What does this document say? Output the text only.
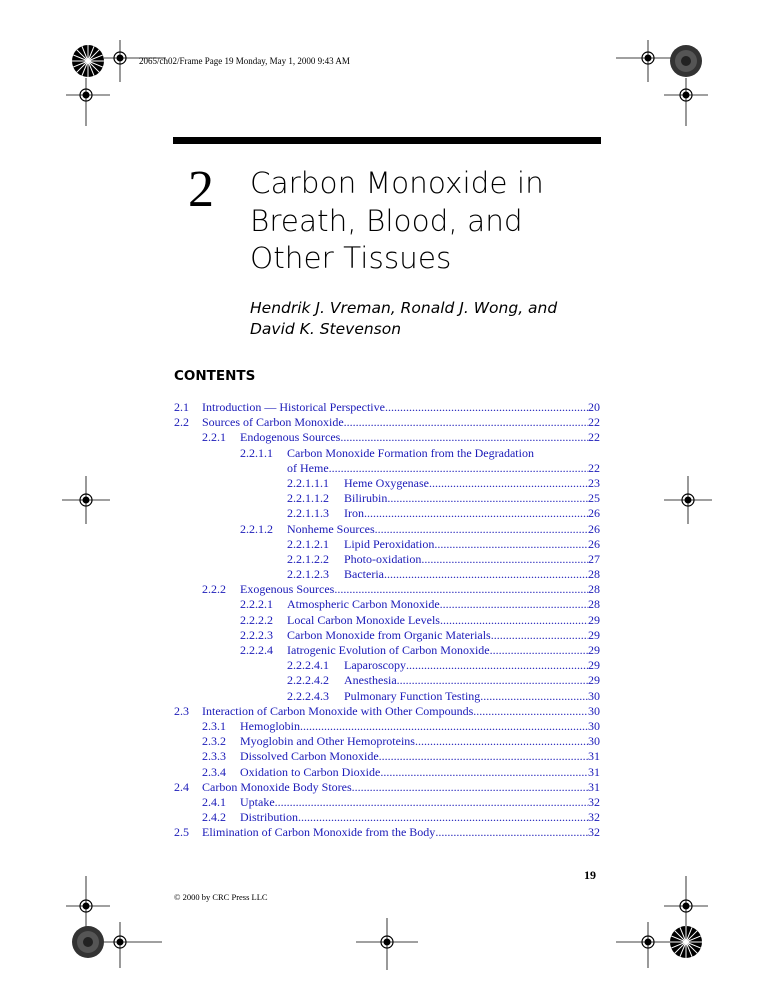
2065/ch02/Frame Page 19 Monday, May 1, 2000 9:43 AM
2 Carbon Monoxide in
Breath, Blood, and
Other Tissues
Hendrik J. Vreman, Ronald J. Wong, and
David K. Stevenson
CONTENTS
2.1 Introduction — Historical Perspective .....	20
2.2 Sources of Carbon Monoxide .....	22
2.2.1 Endogenous Sources .....	22
2.2.1.1 Carbon Monoxide Formation from the Degradation
of Heme .....	22
2.2.1.1.1 Heme Oxygenase .....	23
2.2.1.1.2 Bilirubin .....	25
2.2.1.1.3 Iron .....	26
2.2.1.2 Nonheme Sources .....	26
2.2.1.2.1 Lipid Peroxidation .....	26
2.2.1.2.2 Photo-oxidation .....	27
2.2.1.2.3 Bacteria .....	28
2.2.2 Exogenous Sources .....	28
2.2.2.1 Atmospheric Carbon Monoxide .....	28
2.2.2.2 Local Carbon Monoxide Levels .....	29
2.2.2.3 Carbon Monoxide from Organic Materials .....	29
2.2.2.4 Iatrogenic Evolution of Carbon Monoxide .....	29
2.2.2.4.1 Laparoscopy .....	29
2.2.2.4.2 Anesthesia .....	29
2.2.2.4.3 Pulmonary Function Testing .....	30
2.3 Interaction of Carbon Monoxide with Other Compounds .....	30
2.3.1 Hemoglobin .....	30
2.3.2 Myoglobin and Other Hemoproteins .....	30
2.3.3 Dissolved Carbon Monoxide .....	31
2.3.4 Oxidation to Carbon Dioxide .....	31
2.4 Carbon Monoxide Body Stores .....	31
2.4.1 Uptake .....	32
2.4.2 Distribution .....	32
2.5 Elimination of Carbon Monoxide from the Body .....	32
19
© 2000 by CRC Press LLC
